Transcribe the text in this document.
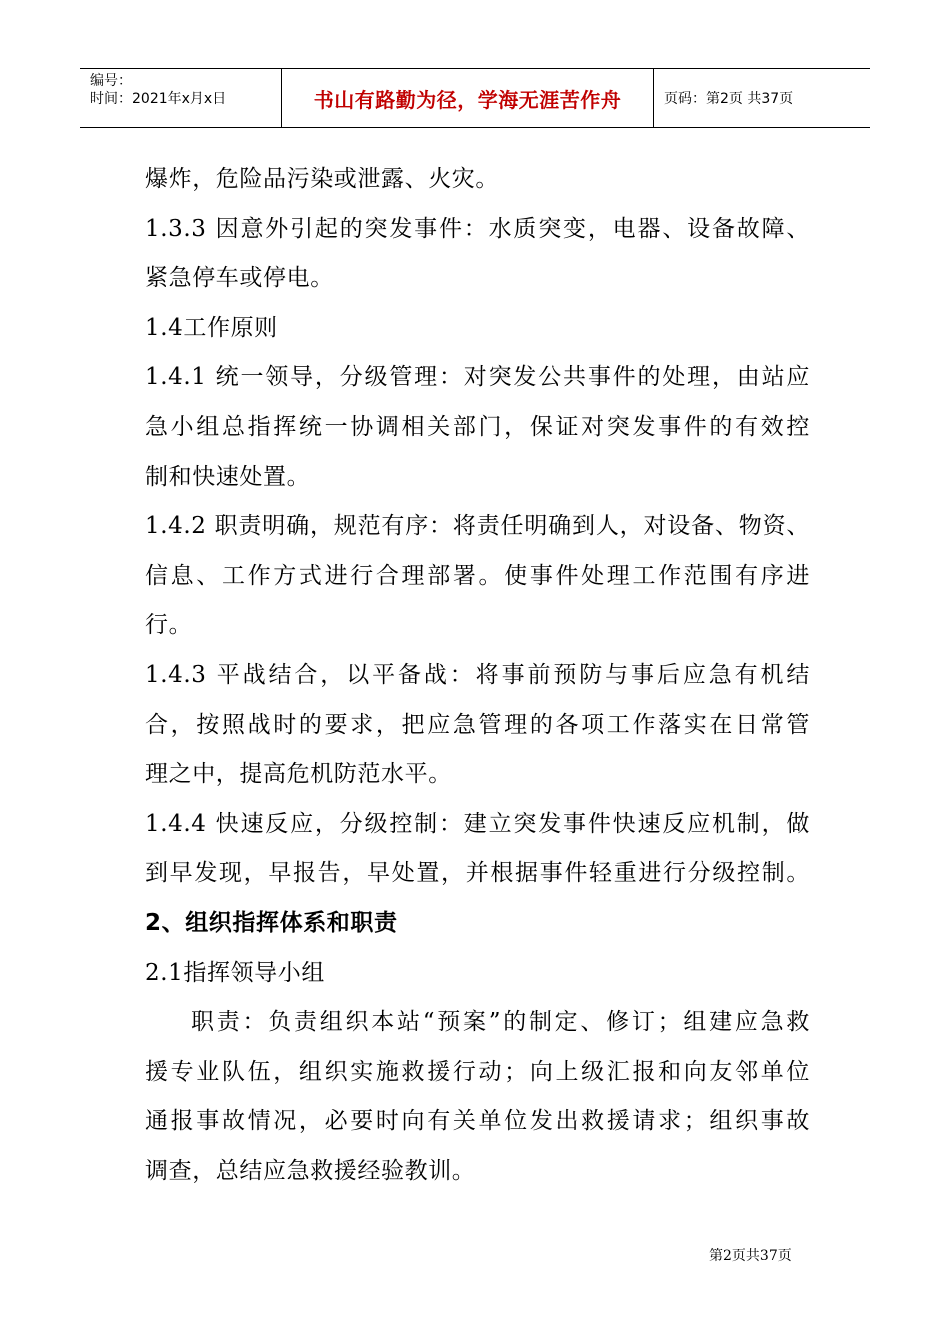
编号：
时间：2021年x月x日	书山有路勤为径，学海无涯苦作舟	页码：第2页 共37页
爆炸，危险品污染或泄露、火灾。
1.3.3 因意外引起的突发事件：水质突变，电器、设备故障、
紧急停车或停电。
1.4工作原则
1.4.1 统一领导，分级管理：对突发公共事件的处理，由站应
急小组总指挥统一协调相关部门，保证对突发事件的有效控
制和快速处置。
1.4.2 职责明确，规范有序：将责任明确到人，对设备、物资、
信息、工作方式进行合理部署。使事件处理工作范围有序进
行。
1.4.3 平战结合，以平备战：将事前预防与事后应急有机结
合，按照战时的要求，把应急管理的各项工作落实在日常管
理之中，提高危机防范水平。
1.4.4 快速反应，分级控制：建立突发事件快速反应机制，做
到早发现，早报告，早处置，并根据事件轻重进行分级控制。
2、组织指挥体系和职责
2.1指挥领导小组
职责：负责组织本站“预案”的制定、修订；组建应急救
援专业队伍，组织实施救援行动；向上级汇报和向友邻单位
通报事故情况，必要时向有关单位发出救援请求；组织事故
调查，总结应急救援经验教训。
第2页共37页
